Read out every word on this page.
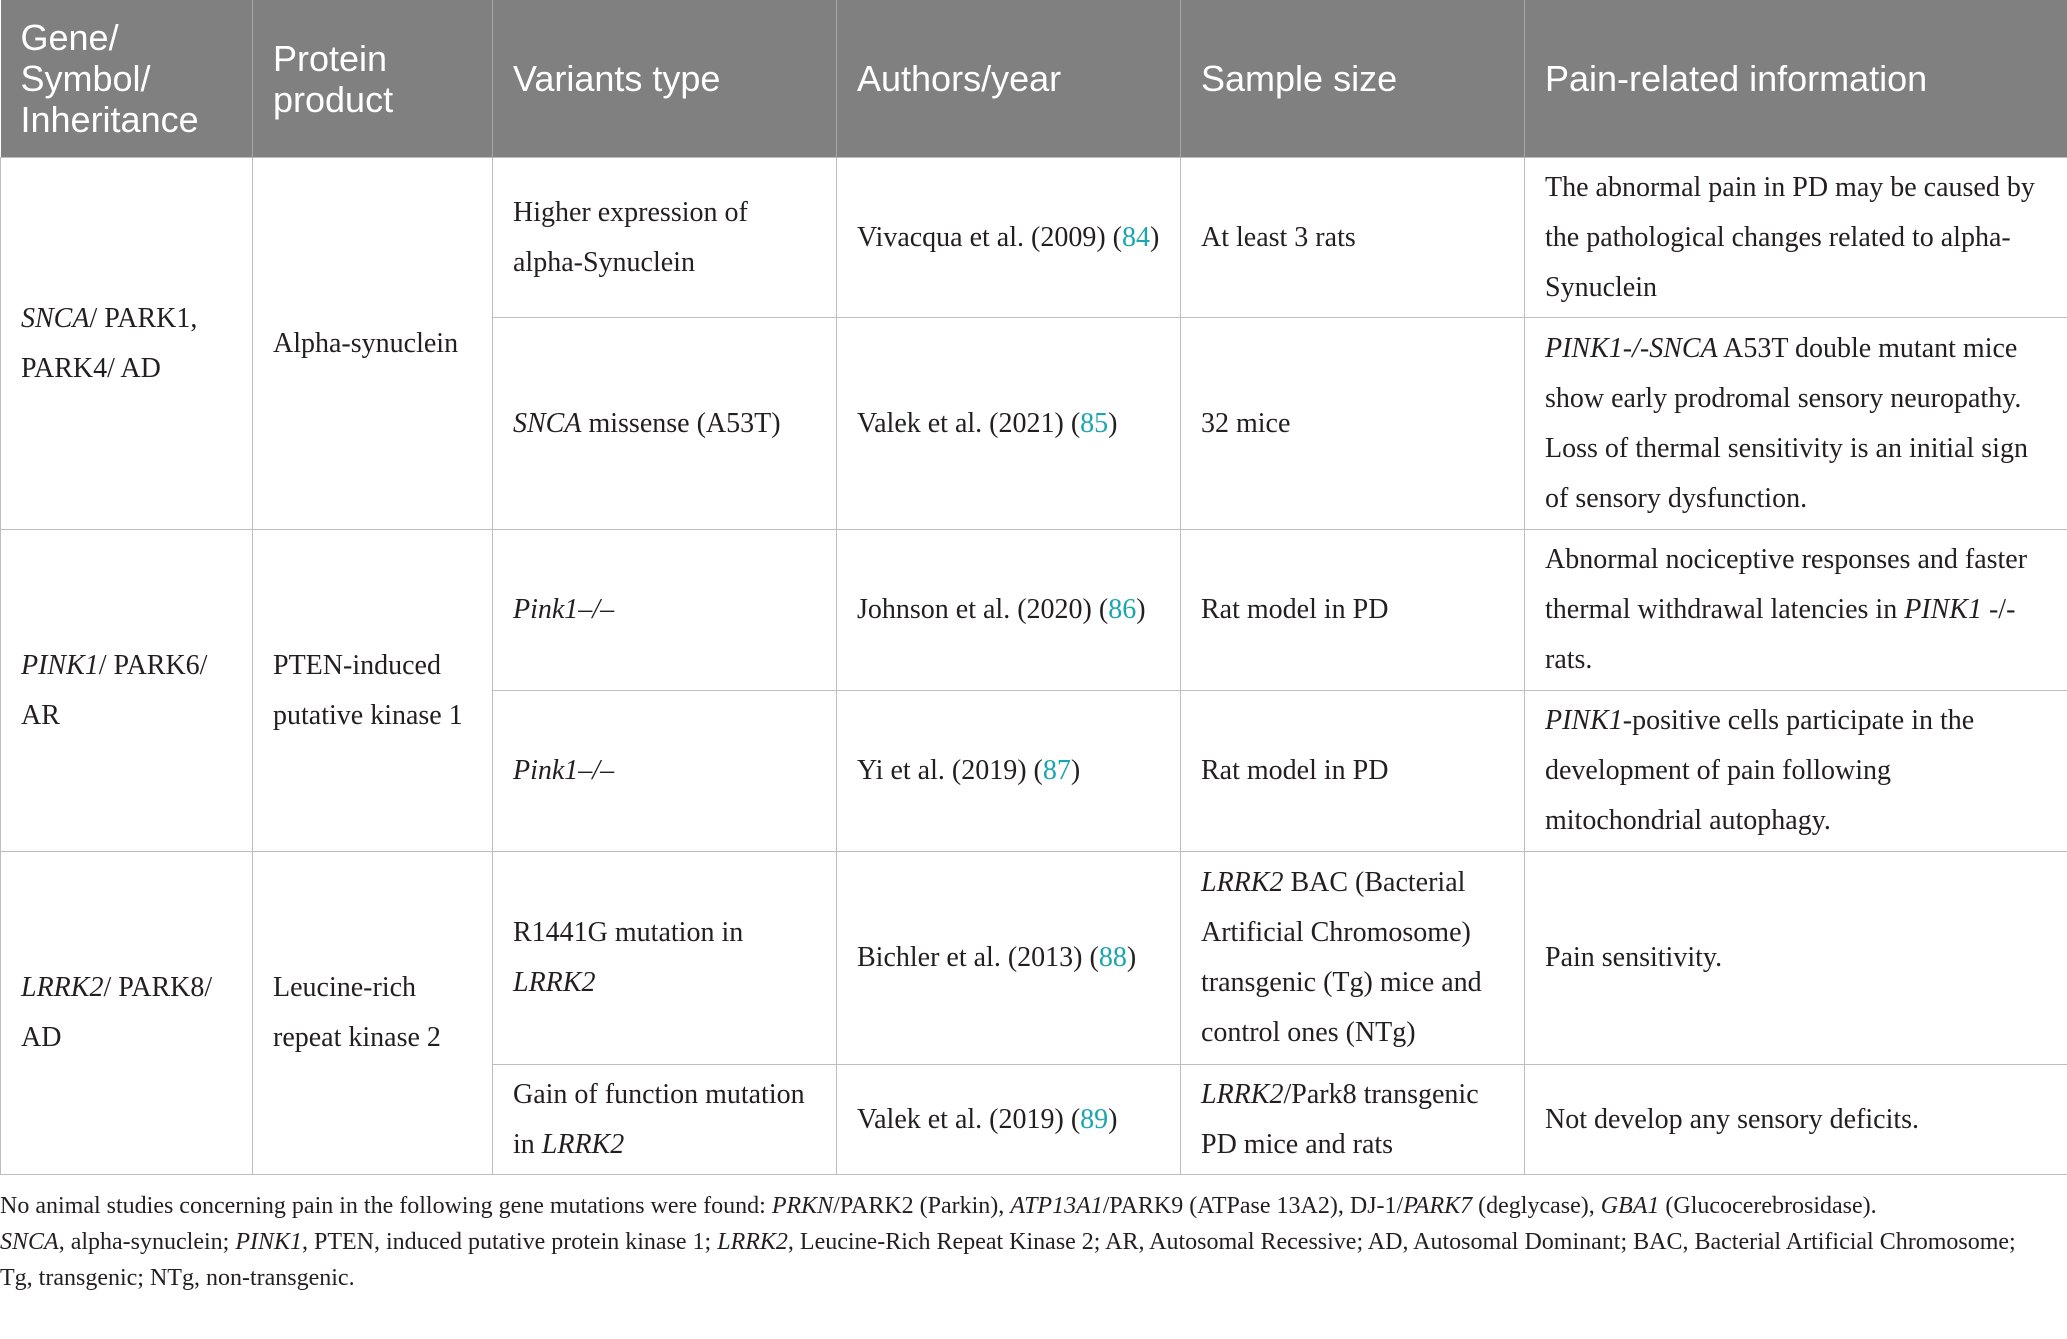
Gene/ Symbol/ Inheritance	Protein product	Variants type	Authors/year	Sample size	Pain-related information
SNCA/ PARK1, PARK4/ AD	Alpha-synuclein	Higher expression of alpha-Synuclein	Vivacqua et al. (2009) (84)	At least 3 rats	The abnormal pain in PD may be caused by the pathological changes related to alpha-Synuclein
		SNCA missense (A53T)	Valek et al. (2021) (85)	32 mice	PINK1-/-SNCA A53T double mutant mice show early prodromal sensory neuropathy. Loss of thermal sensitivity is an initial sign of sensory dysfunction.
PINK1/ PARK6/ AR	PTEN-induced putative kinase 1	Pink1–/–	Johnson et al. (2020) (86)	Rat model in PD	Abnormal nociceptive responses and faster thermal withdrawal latencies in PINK1 -/- rats.
		Pink1–/–	Yi et al. (2019) (87)	Rat model in PD	PINK1-positive cells participate in the development of pain following mitochondrial autophagy.
LRRK2/ PARK8/ AD	Leucine-rich repeat kinase 2	R1441G mutation in LRRK2	Bichler et al. (2013) (88)	LRRK2 BAC (Bacterial Artificial Chromosome) transgenic (Tg) mice and control ones (NTg)	Pain sensitivity.
		Gain of function mutation in LRRK2	Valek et al. (2019) (89)	LRRK2/Park8 transgenic PD mice and rats	Not develop any sensory deficits.

No animal studies concerning pain in the following gene mutations were found: PRKN/PARK2 (Parkin), ATP13A1/PARK9 (ATPase 13A2), DJ-1/PARK7 (deglycase), GBA1 (Glucocerebrosidase).

SNCA, alpha-synuclein; PINK1, PTEN, induced putative protein kinase 1; LRRK2, Leucine-Rich Repeat Kinase 2; AR, Autosomal Recessive; AD, Autosomal Dominant; BAC, Bacterial Artificial Chromosome; Tg, transgenic; NTg, non-transgenic.
